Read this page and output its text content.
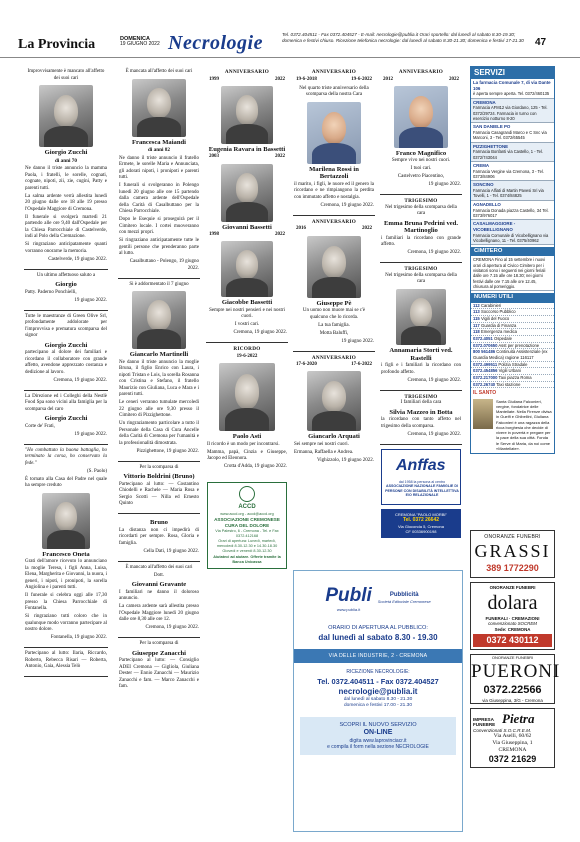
La Provincia	DOMENICA
19 GIUGNO 2022 Necrologie	Tel. 0372.404511 - Fax 0372.404527 - E-mail: necrologie@publia.it Orari sportello: dal lunedì al sabato 8.30-19.30; domenica e festivi chiuso. Ricezione telefonica necrologie: dal lunedì al sabato 8.30-21.30; domenica e festivi 17-21.30	47

Improvvisamente è mancato all'affetto dei suoi cari

Giorgio Zucchi
di anni 70

Ne danno il triste annuncio la mamma Paola, i fratelli, le sorelle, cognati, cognate, nipoti, zii, zie, cugini, Patty e parenti tutti.

La salma ardente verrà allestita lunedì 20 giugno dalle ore 18 alle 19 presso l'Ospedale Maggiore di Cremona.

Il funerale si svolgerà martedì 21 partendo alle ore 9,40 dall'Ospedale per la Chiesa Parrocchiale di Castelverde, indi al Polo della Cremazione.

Si ringraziano anticipatamente quanti vorranno onorarne la memoria.

Castelverde, 19 giugno 2022.

Un ultimo affettuoso saluto a

Giorgio

Patty. Paderno Ponchielli,

19 giugno 2022.

Tutte le maestranze di Green Olive Srl, profondamente addolorate per l'improvvisa e prematura scomparsa del signor

Giorgio Zucchi

partecipano al dolore dei familiari e ricordano il collaboratore con grande affetto, avendone apprezzato costanza e dedizione al lavoro.

Cremona, 19 giugno 2022.

La Direzione ed i Colleghi della Nestlè Food Spa sono vicini alla famiglia per la scomparsa del caro

Giorgio Zucchi

Corte de' Frati,

19 giugno 2022.

"Ho combattuto la buona battaglia, ho terminato la corsa, ho conservato la fede."

(S. Paolo)

È tornato alla Casa del Padre nel quale ha sempre creduto

Francesco Oneta

Grati dell'amore ricevuto lo annunciano la moglie Teresa, i figli Anna, Luisa, Elena, Margherita e Giovanni, la nuora, i generi, i nipoti, i pronipoti, la sorella Angiolina e i parenti tutti.

Il funerale si celebra oggi alle 17,30 presso la Chiesa Parrocchiale di Fontanella.

Si ringraziano tutti coloro che in qualunque modo vorranno partecipare al nostro dolore.

Fontanella, 19 giugno 2022.

Partecipano al lutto: Ilaria, Riccardo, Roberto, Rebecca Risari — Roberta, Antonio, Gaia, Alessia Telò

È mancata all'affetto dei suoi cari

Francesca Maiandi
di anni 82

Ne danno il triste annuncio il fratello Ermete, le sorelle Maria e Annunciata, gli adorati nipoti, i pronipoti e parenti tutti.

I funerali si svolgeranno in Polengo lunedì 20 giugno alle ore 15 partendo dalla camera ardente dell'Ospedale della Carità di Casalbuttano per la Chiesa Parrocchiale.

Dopo le Esequie si proseguirà per il Cimitero locale. I cortei muoveranno con mezzi propri.

Si ringraziano anticipatamente tutte le gentili persone che prenderanno parte al lutto.

Casalbuttano - Polengo, 19 giugno 2022.

Si è addormentato il 7 giugno

Giancarlo Martinelli

Ne danno il triste annuncio la moglie Bruna, il figlio Enrico con Laura, i nipoti Tristan e Lois, la sorella Rosanna con Cristina e Stefano, il fratello Maurizio con Giuliana, Luca e Mara e i parenti tutti.

Le ceneri verranno tumulate mercoledì 22 giugno alle ore 9,30 presso il Cimitero di Pizzighettone.

Un ringraziamento particolare a tutto il Personale della Casa di Cura Ancelle della Carità di Cremona per l'umanità e la professionalità dimostrata.

Pizzighettone, 19 giugno 2022.

Per la scomparsa di

Vittorio Boldrini (Bruno)

Partecipano al lutto: — Costantino Chiodelli e Rachele — Maria Rosa e Sergio Scotti — Nilla ed Ernesto Quinto

Bruno

La distanza non ci impedirà di ricordarti per sempre. Rosa, Gloria e famiglia.

Cella Dati, 19 giugno 2022.

È mancato all'affetto dei suoi cari

Dott.

Giovanni Gravante

I familiari ne danno il doloroso annuncio.

La camera ardente sarà allestita presso l'Ospedale Maggiore lunedì 20 giugno dalle ore 8,30 alle ore 12.

Cremona, 19 giugno 2022.

Per la scomparsa di

Giuseppe Zanacchi

Partecipano al lutto: — Consiglio ADEI Cremona — Gigliola, Giuliana Dester — Ennio Zanacchi — Maurizio Zanacchi e fam. — Marco Zanacchi e fam.

ANNIVERSARIO
1999	2022
Eugenia Ravara in Bassetti
2003	2022
Giovanni Bassetti
1998	2022
Giacobbe Bassetti

Sempre nei nostri pensieri e nei nostri cuori.

I vostri cari.

Cremona, 19 giugno 2022.

RICORDO
19-6-2022
Paolo Asti

Il ricordo è un modo per incontrarsi.

Mamma, papà, Cinzia e Giuseppe, Jacopo ed Eleonora.

Crotta d'Adda, 19 giugno 2022.

ACCD
www.accd.org - accd@accd.org
ASSOCIAZIONE CREMONESE
CURA DEL DOLORE
Via Palestro, 6 - Cremona - Tel. e Fax 0372.412168
Orari di apertura: Lunedì, martedì, mercoledì 8.30-12.30 e 14.30-18.30 Giovedì e venerdì 8.30-12.30
Aiutateci ad aiutare. Offerte tramite la Banca Unicassa
ANNIVERSARIO
19-6-2018	19-6-2022

Nel quarto triste anniversario della scomparsa della nostra Cara

Marilena Rossi in Bertazzoli

il marito, i figli, le nuore ed il genero la ricordano e ne rimpiangono la perdita con immutato affetto e nostalgia.

Cremona, 19 giugno 2022.

ANNIVERSARIO
2016	2022
Giuseppe Pè

Un uomo non muore mai se c'è qualcuno che lo ricorda.

La tua famiglia.

Motta Baluffi,

19 giugno 2022.

ANNIVERSARIO
17-6-2020	17-6-2022
Giancarlo Arquati

Sei sempre nei nostri cuori.

Ermanna, Raffaella e Andrea.

Vighizzolo, 19 giugno 2022.

ANNIVERSARIO
2012	2022
Franco Magnifico

Sempre vivo nei nostri cuori.

I tuoi cari.

Castelvetro Piacentino,

19 giugno 2022.

TRIGESIMO

Nel trigesimo della scomparsa della cara

Emma Bruna Pedrini ved. Martinoglio

i familiari la ricordano con grande affetto.

Cremona, 19 giugno 2022.

TRIGESIMO

Nel trigesimo della scomparsa della cara

Annamaria Storti ved. Rastelli

i figli e i familiari la ricordano con profondo affetto.

Cremona, 19 giugno 2022.

TRIGESIMO

I familiari della cara

Silvia Mazzeo in Botta

la ricordano con tanto affetto nel trigesimo della scomparsa.

Cremona, 19 giugno 2022.

Anffas
dal 1958 la persona al centro
ASSOCIAZIONE NAZIONALE FAMIGLIE DI PERSONE CON DISABILITÀ INTELLETTIVA E/O RELAZIONALE
CREMONA "PAOLO MORBI"
Tel. 0372 26642
Via Gioconda 5, Cremona
CF 00336900198
Publi
www.publia.it
Pubblicità
Società Editoriale Cremonese
ORARIO DI APERTURA AL PUBBLICO:
dal lunedì al sabato 8.30 - 19.30
VIA DELLE INDUSTRIE, 2 - CREMONA
RICEZIONE NECROLOGIE:
Tel. 0372.404511 - Fax 0372.404527
necrologie@publia.it
dal lunedì al sabato 8.30 - 21.30
domenica e festivi 17.00 - 21.30
SCOPRI IL NUOVO SERVIZIO
ON-LINE
digita www.laprovinciacr.it
e compila il form nella sezione NECROLOGIE
SERVIZI
La farmacia Comunale 7, di via Dante 106
è aperta sempre aperta. Tel. 0372/460135
CREMONA
Farmacia AFM12 via Giordano, 125 - Tel. 0372/29724. Farmacia in turno con esercizio notturno 8-20
SAN DANIELE PO
Farmacia Casagrandi Marco e C Snc via Marconi, 3 - Tel. 0372/65545
PIZZIGHETTONE
Farmacia Bonfanti via Castello, 1 - Tel. 0372/743044
CREMA
Farmacia Vergine via Cremona, 3 - Tel. 0373/84906
SONCINO
Farmacia Alfiati di Martin Pavesi Sri via Tovelli, 1 - Tel. 0374/84825
AGNADELLO
Farmacia Donada piazza Castello, 34 Tel. 0373/976017
CASALMAGGIORE - VICOBELLIGNANO
Farmacia Comunale di Vicobellignano via Vicobellignano, 11 - Tel. 0375/40962
CIMITERO
CREMONA Fino al 15 settembre i nuovi orari di apertura al Civico Cimitero per i visitatori sono i seguenti nei giorni feriali dalle ore 7.15 alle ore 18.30; nei giorni festivi dalle ore 7.15 alle ore 12.45, chiusura al pomeriggio.
NUMERI UTILI
112 Carabinieri
113 Soccorso Pubblico
115 Vigili del Fuoco
117 Guardia di Finanza
118 Emergenza medica
0372.4051 Ospedale
0372.070650 Asst per prenotazione
800 561486 Continuità Assistenziale (ex Guardia Medica) ragione 116117
0372.499511 Polizia Stradale
0372.454856 Vigili Urbani
0372.217000 Taxi piazza Roma
0372.26740 Taxi stazione
IL SANTO
Santa Giuliana Falconieri, vergine, fondatrice delle Mantellate. Nella Firenze divisa in Guelfi e Ghibellini, Giuliana Falconieri è una ragazza della ricca borghesia che decide di vivere in povertà e pregare per la pace della sua città. Fonda le Serve di Maria, da noi come «Mantellate».
ONORANZE FUNEBRI
GRASSI
389 1772290
ONORANZE FUNEBRI
dolara
FUNERALI · CREMAZIONI
convenzionato SOCREM
Sede: CREMONA
0372 430112
ONORANZE FUNEBRI
PUERONI
0372.22566
via Giuseppina, 3/G - Cremona
IMPRESA FUNEBRE Pietra
Convenzionati S.O.C.R.E.M.
Via Aselli, 60/62
Via Giuseppina, 1
CREMONA
0372 21629
